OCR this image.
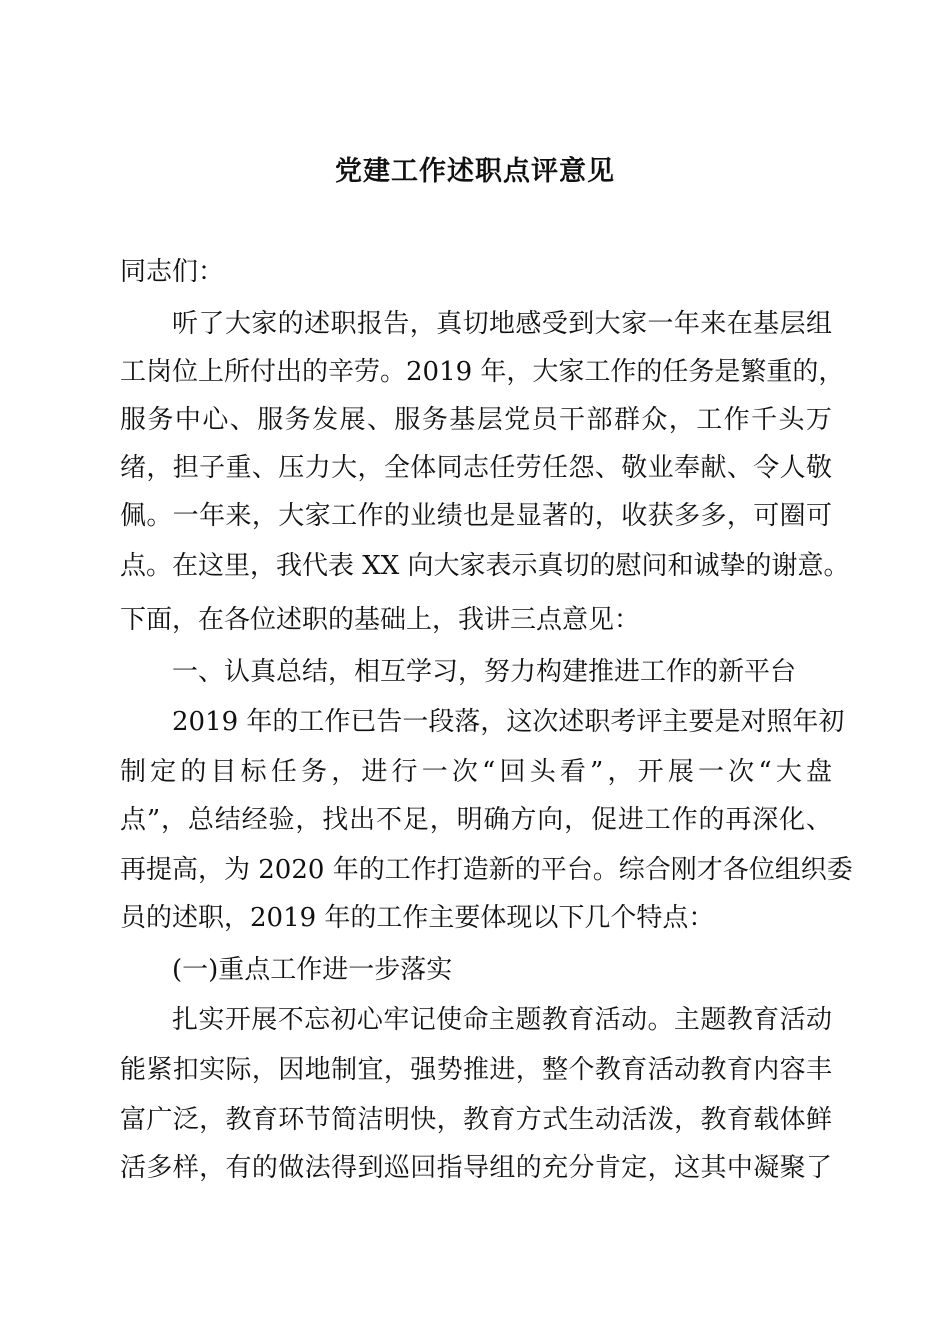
党建工作述职点评意见

同志们：

听了大家的述职报告，真切地感受到大家一年来在基层组

工岗位上所付出的辛劳。2019 年，大家工作的任务是繁重的，

服务中心、服务发展、服务基层党员干部群众，工作千头万

绪，担子重、压力大，全体同志任劳任怨、敬业奉献、令人敬

佩。一年来，大家工作的业绩也是显著的，收获多多，可圈可

点。在这里，我代表 XX 向大家表示真切的慰问和诚挚的谢意。

下面，在各位述职的基础上，我讲三点意见：

一、认真总结，相互学习，努力构建推进工作的新平台

2019 年的工作已告一段落，这次述职考评主要是对照年初

制定的目标任务，进行一次“回头看”，开展一次“大盘

点”，总结经验，找出不足，明确方向，促进工作的再深化、

再提高，为 2020 年的工作打造新的平台。综合刚才各位组织委

员的述职，2019 年的工作主要体现以下几个特点：

(一)重点工作进一步落实

扎实开展不忘初心牢记使命主题教育活动。主题教育活动

能紧扣实际，因地制宜，强势推进，整个教育活动教育内容丰

富广泛，教育环节简洁明快，教育方式生动活泼，教育载体鲜

活多样，有的做法得到巡回指导组的充分肯定，这其中凝聚了
